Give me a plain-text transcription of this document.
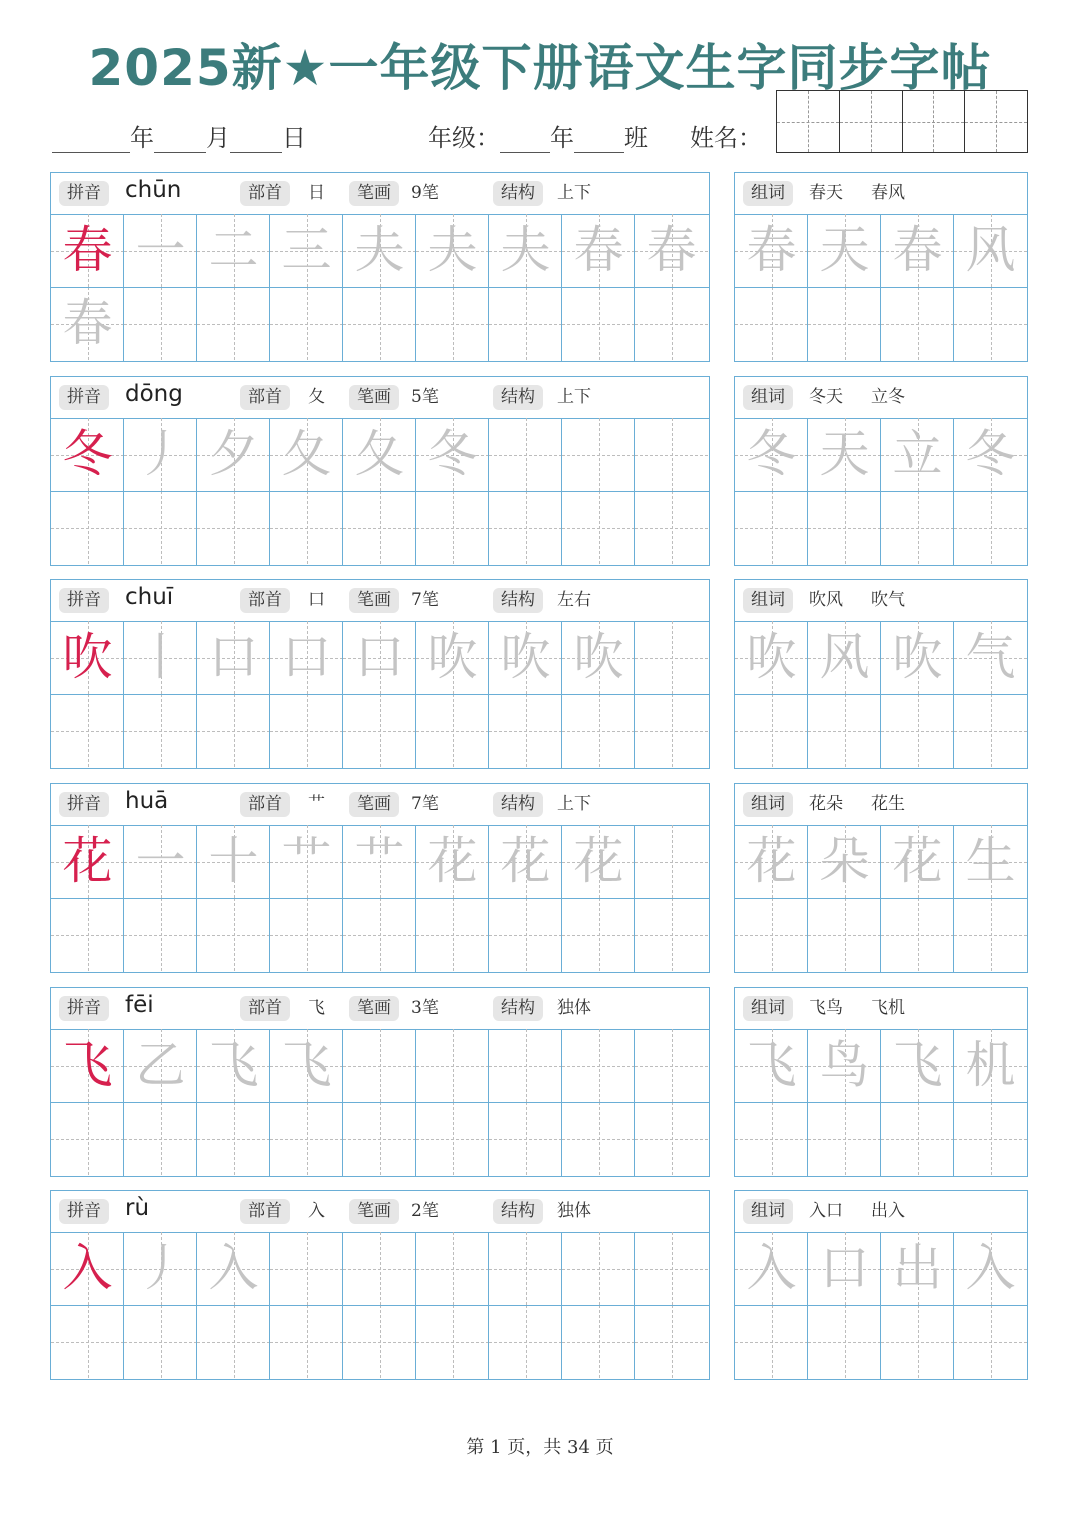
2025新★一年级下册语文生字同步字帖
年 月 日	年级： 年 班 姓名：
拼音	chūn	部首	日	笔画	9笔	结构	上下
春 一 二 三 夫 夫 夫 春 春
春
组词	春天 春风
春 天 春 风
拼音	dōng	部首	夂	笔画	5笔	结构	上下
冬 丿 夕 夂 夂 冬
组词	冬天 立冬
冬 天 立 冬
拼音	chuī	部首	口	笔画	7笔	结构	左右
吹 丨 口 口 口 吹 吹 吹
组词	吹风 吹气
吹 风 吹 气
拼音	huā	部首	艹	笔画	7笔	结构	上下
花 一 十 艹 艹 花 花 花
组词	花朵 花生
花 朵 花 生
拼音	fēi	部首	飞	笔画	3笔	结构	独体
飞 乙 飞 飞
组词	飞鸟 飞机
飞 鸟 飞 机
拼音	rù	部首	入	笔画	2笔	结构	独体
入 丿 入
组词	入口 出入
入 口 出 入
第 1 页，共 34 页
